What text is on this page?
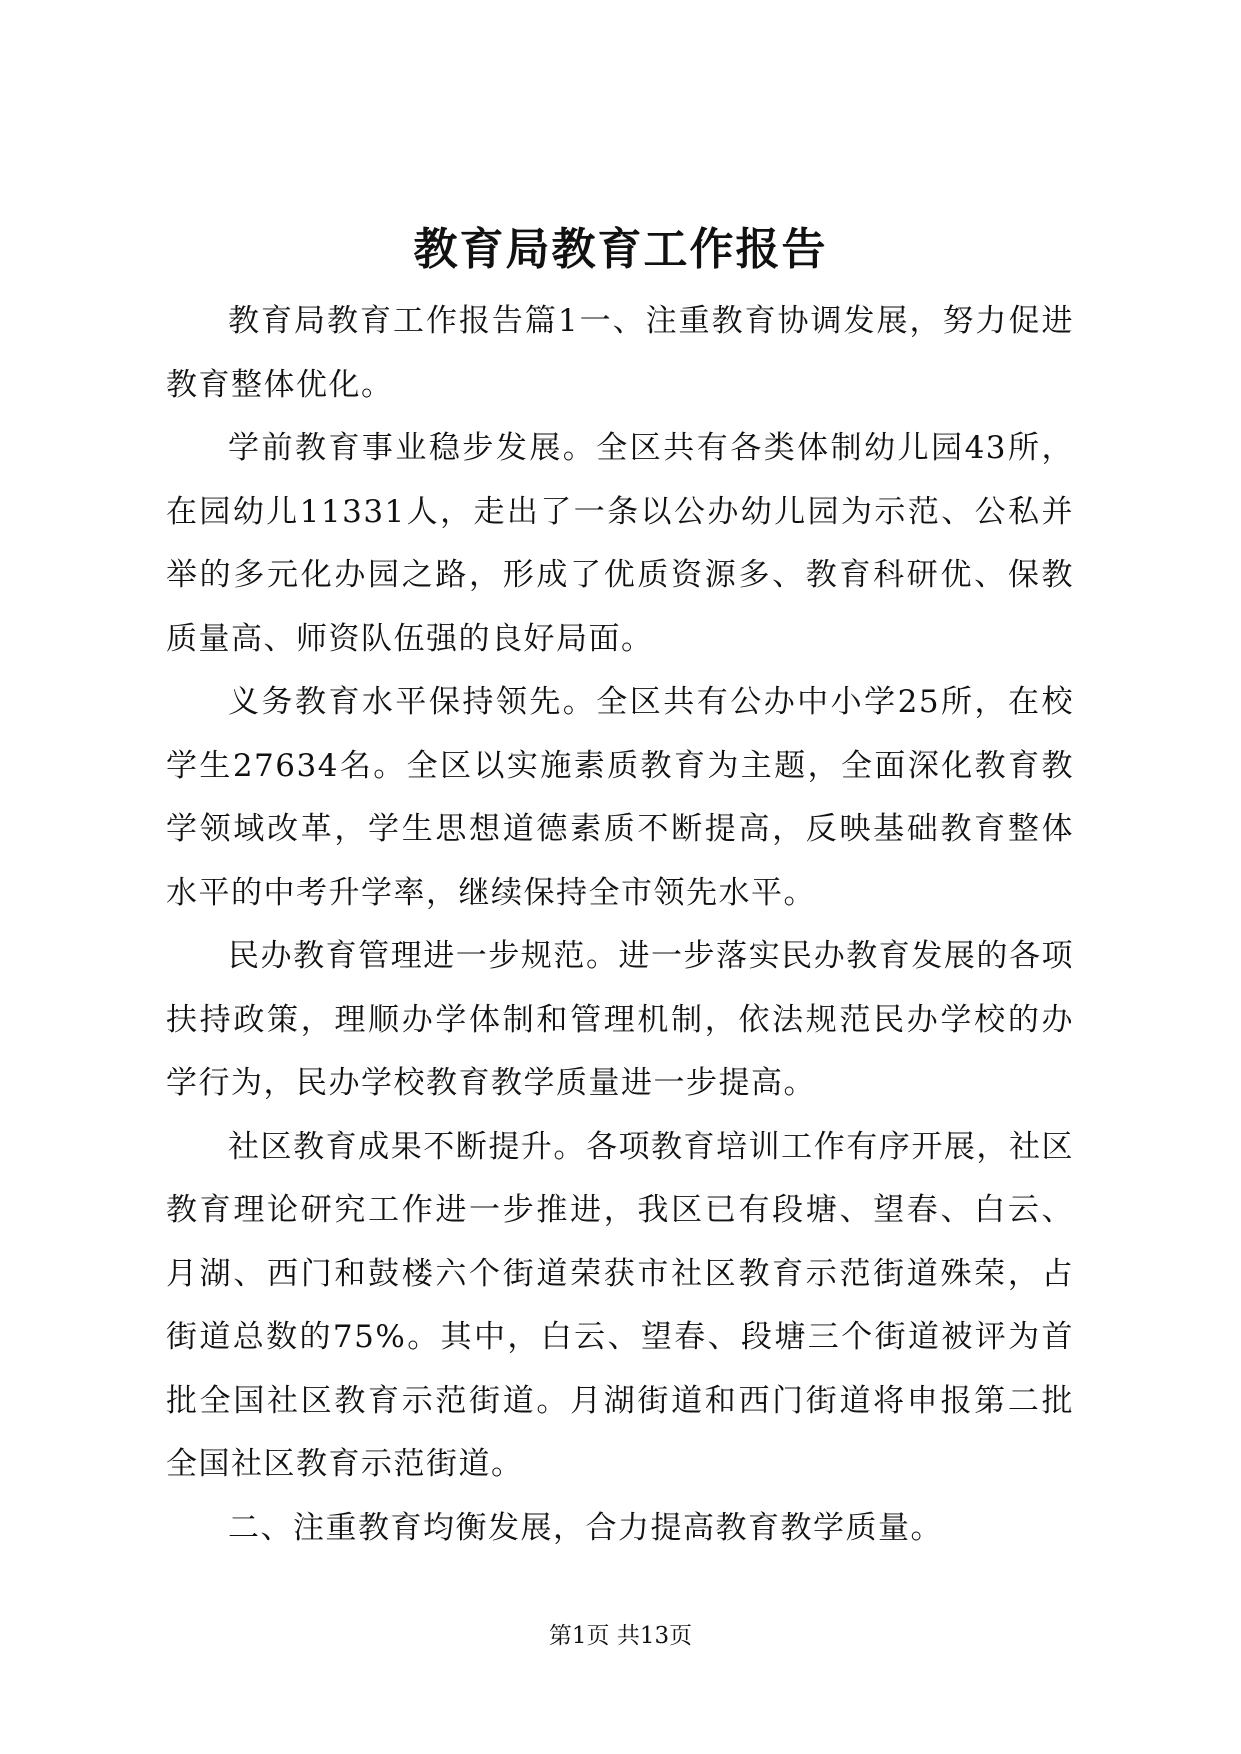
教育局教育工作报告

教育局教育工作报告篇1一、注重教育协调发展，努力促进教育整体优化。

学前教育事业稳步发展。全区共有各类体制幼儿园43所，在园幼儿11331人，走出了一条以公办幼儿园为示范、公私并举的多元化办园之路，形成了优质资源多、教育科研优、保教质量高、师资队伍强的良好局面。

义务教育水平保持领先。全区共有公办中小学25所，在校学生27634名。全区以实施素质教育为主题，全面深化教育教学领域改革，学生思想道德素质不断提高，反映基础教育整体水平的中考升学率，继续保持全市领先水平。

民办教育管理进一步规范。进一步落实民办教育发展的各项扶持政策，理顺办学体制和管理机制，依法规范民办学校的办学行为，民办学校教育教学质量进一步提高。

社区教育成果不断提升。各项教育培训工作有序开展，社区教育理论研究工作进一步推进，我区已有段塘、望春、白云、月湖、西门和鼓楼六个街道荣获市社区教育示范街道殊荣，占街道总数的75%。其中，白云、望春、段塘三个街道被评为首批全国社区教育示范街道。月湖街道和西门街道将申报第二批全国社区教育示范街道。

二、注重教育均衡发展，合力提高教育教学质量。

第1页 共13页
